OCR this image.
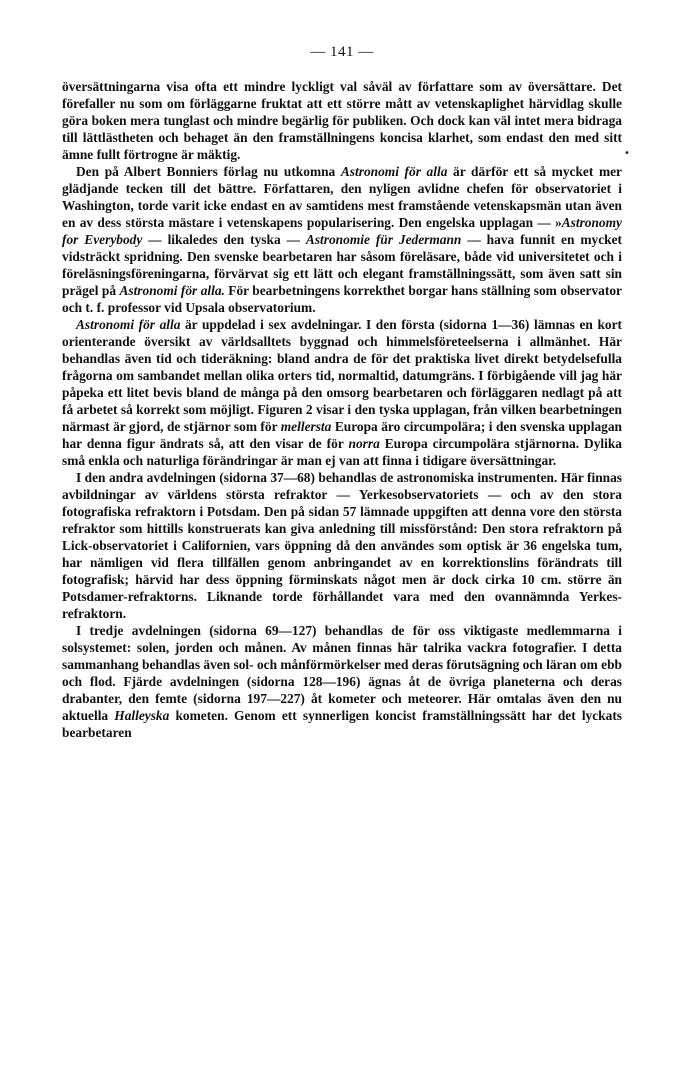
— 141 —

översättningarna visa ofta ett mindre lyckligt val såväl av författare som av översättare. Det förefaller nu som om förläggarne fruktat att ett större mått av vetenskaplighet härvidlag skulle göra boken mera tunglast och mindre begärlig för publiken. Och dock kan väl intet mera bidraga till lättlästheten och behaget än den framställningens koncisa klarhet, som endast den med sitt ämne fullt förtrogne är mäktig.

Den på Albert Bonniers förlag nu utkomna Astronomi för alla är därför ett så mycket mer glädjande tecken till det bättre. Författaren, den nyligen avlidne chefen för observatoriet i Washington, torde varit icke endast en av samtidens mest framstående vetenskapsmän utan även en av dess största mästare i vetenskapens popularisering. Den engelska upplagan — »Astronomy for Everybody — likaledes den tyska — Astronomie für Jedermann — hava funnit en mycket vidsträckt spridning. Den svenske bearbetaren har såsom föreläsare, både vid universitetet och i föreläsningsföreningarna, förvärvat sig ett lätt och elegant framställningssätt, som även satt sin prägel på Astronomi för alla. För bearbetningens korrekthet borgar hans ställning som observator och t. f. professor vid Upsala observatorium.

Astronomi för alla är uppdelad i sex avdelningar. I den första (sidorna 1—36) lämnas en kort orienterande översikt av världsalltets byggnad och himmelsföreteelserna i allmänhet. Här behandlas även tid och tideräkning: bland andra de för det praktiska livet direkt betydelsefulla frågorna om sambandet mellan olika orters tid, normaltid, datumgräns. I förbigående vill jag här påpeka ett litet bevis bland de många på den omsorg bearbetaren och förläggaren nedlagt på att få arbetet så korrekt som möjligt. Figuren 2 visar i den tyska upplagan, från vilken bearbetningen närmast är gjord, de stjärnor som för mellersta Europa äro circumpolära; i den svenska upplagan har denna figur ändrats så, att den visar de för norra Europa circumpolära stjärnorna. Dylika små enkla och naturliga förändringar är man ej van att finna i tidigare översättningar.

I den andra avdelningen (sidorna 37—68) behandlas de astronomiska instrumenten. Här finnas avbildningar av världens största refraktor — Yerkesobservatoriets — och av den stora fotografiska refraktorn i Potsdam. Den på sidan 57 lämnade uppgiften att denna vore den största refraktor som hittills konstruerats kan giva anledning till missförstånd: Den stora refraktorn på Lick-observatoriet i Californien, vars öppning då den användes som optisk är 36 engelska tum, har nämligen vid flera tillfällen genom anbringandet av en korrektionslins förändrats till fotografisk; härvid har dess öppning förminskats något men är dock cirka 10 cm. större än Potsdamer-refraktorns. Liknande torde förhållandet vara med den ovannämnda Yerkes-refraktorn.

I tredje avdelningen (sidorna 69—127) behandlas de för oss viktigaste medlemmarna i solsystemet: solen, jorden och månen. Av månen finnas här talrika vackra fotografier. I detta sammanhang behandlas även sol- och månförmörkelser med deras förutsägning och läran om ebb och flod. Fjärde avdelningen (sidorna 128—196) ägnas åt de övriga planeterna och deras drabanter, den femte (sidorna 197—227) åt kometer och meteorer. Här omtalas även den nu aktuella Halleyska kometen. Genom ett synnerligen koncist framställningssätt har det lyckats bearbetaren

•
